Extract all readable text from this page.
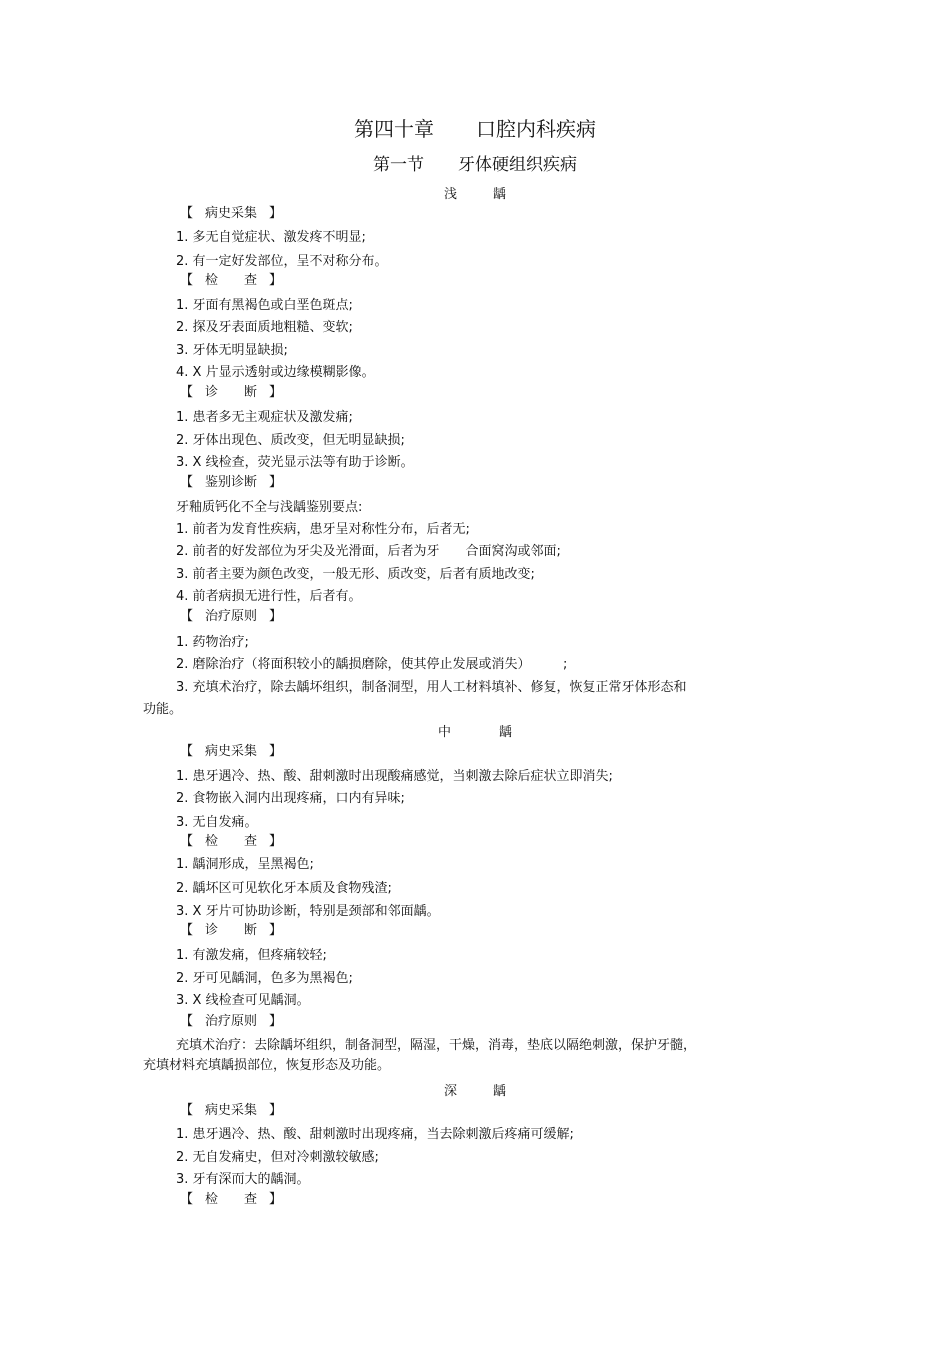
第四十章 口腔内科疾病
第一节 牙体硬组织疾病
浅	龋
【 病史采集 】
1. 多无自觉症状、激发疼不明显;
2. 有一定好发部位，呈不对称分布。
【 检　　查 】
1. 牙面有黑褐色或白垩色斑点;
2. 探及牙表面质地粗糙、变软;
3. 牙体无明显缺损;
4. X 片显示透射或边缘模糊影像。
【 诊　　断 】
1. 患者多无主观症状及激发痛;
2. 牙体出现色、质改变，但无明显缺损;
3. X 线检查，荧光显示法等有助于诊断。
【 鉴别诊断 】
牙釉质钙化不全与浅龋鉴别要点:
1. 前者为发育性疾病，患牙呈对称性分布，后者无;
2. 前者的好发部位为牙尖及光滑面，后者为牙　　合面窝沟或邻面;
3. 前者主要为颜色改变，一般无形、质改变，后者有质地改变;
4. 前者病损无进行性，后者有。
【 治疗原则 】
1. 药物治疗;
2. 磨除治疗（将面积较小的龋损磨除，使其停止发展或消失）　　　;
3. 充填术治疗，除去龋坏组织，制备洞型，用人工材料填补、修复，恢复正常牙体形态和
功能。
中	龋
【 病史采集 】
1. 患牙遇冷、热、酸、甜刺激时出现酸痛感觉，当刺激去除后症状立即消失;
2. 食物嵌入洞内出现疼痛，口内有异味;
3. 无自发痛。
【 检　　查 】
1. 龋洞形成，呈黑褐色;
2. 龋坏区可见软化牙本质及食物残渣;
3. X 牙片可协助诊断，特别是颈部和邻面龋。
【 诊　　断 】
1. 有激发痛，但疼痛较轻;
2. 牙可见龋洞，色多为黑褐色;
3. X 线检查可见龋洞。
【 治疗原则 】
充填术治疗：去除龋坏组织，制备洞型，隔湿，干燥，消毒，垫底以隔绝刺激，保护牙髓，
充填材料充填龋损部位，恢复形态及功能。
深	龋
【 病史采集 】
1. 患牙遇冷、热、酸、甜刺激时出现疼痛，当去除刺激后疼痛可缓解;
2. 无自发痛史，但对冷刺激较敏感;
3. 牙有深而大的龋洞。
【 检　　查 】
